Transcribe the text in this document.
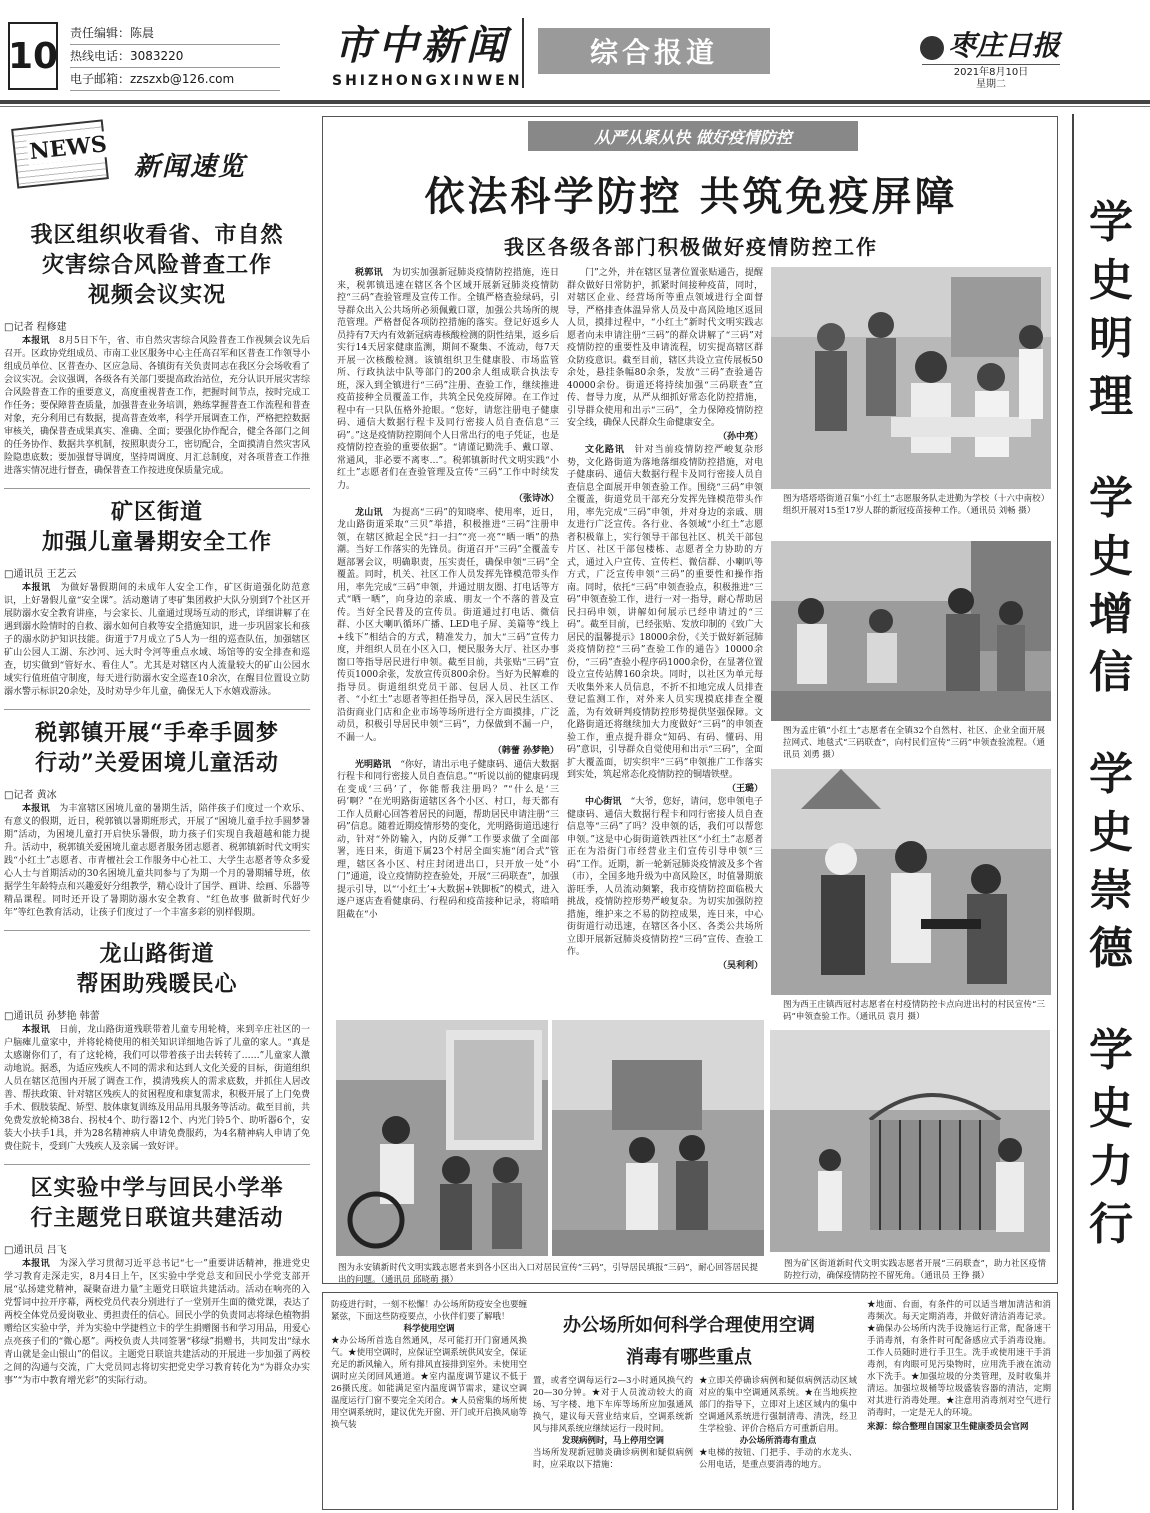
10
责任编辑：陈晨
热线电话：3083220
电子邮箱：zzszxb@126.com
市中新闻
SHIZHONGXINWEN
综合报道	枣庄日报
2021年8月10日
星期二
NEWS
新闻速览
我区组织收看省、市自然
灾害综合风险普查工作
视频会议实况
□记者 程修建
本报讯　 8月5日下午，省、市自然灾害综合风险普查工作视频会议先后召开。区政协党组成员、市南工业区服务中心主任高召军和区普查工作领导小组成员单位、区普查办、区应急局、各镇街有关负责同志在我区分会场收看了会议实况。会议强调，各级各有关部门要提高政治站位，充分认识开展灾害综合风险普查工作的重要意义，高度重视普查工作，把握时间节点，按时完成工作任务；要保障普查质量，加强普查业务培训，熟练掌握普查工作流程和普查对象，充分利用已有数据，提高普查效率，科学开展调查工作，严格把控数据审核关，确保普查成果真实、准确、全面；要强化协作配合，健全各部门之间的任务协作、数据共享机制，按照职责分工，密切配合，全面摸清自然灾害风险隐患底数；要加强督导调度，坚持周调度、月汇总制度，对各项普查工作推进落实情况进行督查，确保普查工作按进度保质量完成。
矿区街道
加强儿童暑期安全工作
□通讯员 王艺云
本报讯　 为做好暑假期间的未成年人安全工作，矿区街道强化防范意识，上好暑假儿童“安全课”。活动邀请了枣矿集团救护大队分别到7个社区开展防溺水安全教育讲座，与会家长、儿童通过现场互动的形式，详细讲解了在遇到溺水险情时的自救、溺水如何自救等安全措施知识，进一步巩固家长和孩子的溺水防护知识技能。街道于7月成立了5人为一组的巡查队伍，加强辖区矿山公园人工湖、东沙河、远大时令河等重点水域、场馆等的安全排查和巡查，切实做到“管好水、看住人”。尤其是对辖区内人流量较大的矿山公园水域实行值班值守制度，每天进行防溺水安全巡查10余次，在醒目位置设立防溺水警示标识20余处，及时劝导少年儿童，确保无人下水嬉戏游泳。
税郭镇开展“手牵手圆梦
行动”关爱困境儿童活动
□记者 黄冰
本报讯　 为丰富辖区困境儿童的暑期生活，陪伴孩子们度过一个欢乐、有意义的假期，近日，税郭镇以暑期班形式，开展了“困境儿童手拉手圆梦暑期”活动，为困境儿童打开启快乐暑假，助力孩子们实现自我超越和能力提升。活动中，税郭镇关爱困境儿童志愿者服务团志愿者、税郭镇新时代文明实践“小红土”志愿者、市青檀社会工作服务中心社工、大学生志愿者等众多爱心人士与首期活动的30名困境儿童共同参与了为期一个月的暑期辅导班，依据学生年龄特点和兴趣爱好分组教学，精心设计了国学、画讲、绘画、乐器等精品课程。同时还开设了暑期防溺水安全教育、“红色故事 做新时代好少年”等红色教育活动，让孩子们度过了一个丰富多彩的别样假期。
龙山路街道
帮困助残暖民心
□通讯员 孙梦艳 韩蕾
本报讯　 日前，龙山路街道残联带着儿童专用轮椅，来到辛庄社区的一户脑瘫儿童家中，并将轮椅使用的相关知识详细地告诉了儿童的家人。“真是太感谢你们了，有了这轮椅，我们可以带着孩子出去转转了……”儿童家人激动地说。据悉，为适应残疾人不同的需求和达到人文化关爱的目标，街道组织人员在辖区范围内开展了调查工作，摸清残疾人的需求底数，并抓住人居改善、帮扶政策、针对辖区残疾人的贫困程度和康复需求，积极开展了上门免费手术、假肢装配、矫型、肢体康复训练及用品用具服务等活动。截至目前，共免费发放轮椅38台、拐杖4个、助行器12个、内光门铃5个、助听器6个，安装大小扶手1具，并为28名精神病人申请免费服药，为4名精神病人申请了免费住院卡，受到广大残疾人及亲属一致好评。
区实验中学与回民小学举
行主题党日联谊共建活动
□通讯员 吕飞
本报讯　 为深入学习贯彻习近平总书记“七一”重要讲话精神，推进党史学习教育走深走实，8月4日上午，区实验中学党总支和回民小学党支部开展“弘扬建党精神，凝聚奋进力量”主题党日联谊共建活动。活动在响亮的入党誓词中拉开序幕，两校党员代表分别进行了一堂别开生面的微党课，表达了两校全体党员爱岗敬业、勇担责任的信心。回民小学的负责同志将绿色植物捐赠给区实验中学，并为实验中学捷档立卡的学生捐赠图书和学习用品，用爱心点亮孩子们的“微心愿”。两校负责人共同签署“移绿”捐赠书，共同发出“绿水青山就是金山银山”的倡议。主题党日联谊共建活动的开展进一步加强了两校之间的沟通与交流，广大党员同志将切实把党史学习教育转化为“为群众办实事”“为市中教育增光彩”的实际行动。
从严从紧从快 做好疫情防控
依法科学防控 共筑免疫屏障
我区各级各部门积极做好疫情防控工作

税郭讯　 为切实加强新冠肺炎疫情防控措施，连日来，税郭镇迅速在辖区各个区域开展新冠肺炎疫情防控“三码”查验管理及宣传工作。全镇严格查验绿码，引导群众出入公共场所必须佩戴口罩，加强公共场所的规范管理。严格督促各项防控措施的落实。登记好返乡人员持有7天内有效新冠病毒核酸检测的阴性结果，返乡后实行14天居家健康监测，期间不聚集、不流动，每7天开展一次核酸检测。该镇组织卫生健康股、市场监管所、行政执法中队等部门的200余人组成联合执法专班，深入到全镇进行“三码”注册、查验工作，继续推进疫苗接种全员覆盖工作，共筑全民免疫屏障。在工作过程中有一只队伍格外抢眼。“您好，请您注册电子健康码、通信大数据行程卡及同行密接人员自查信息“三码”。”这是疫情防控期间个人日常出行的电子凭证，也是疫情防控查验的重要依据”。“请谨记勤洗手、戴口罩、常通风，非必要不离枣…”。税郭镇新时代文明实践“小红土”志愿者们在查验管理及宣传“三码”工作中时续发力。

（张诗冰）

龙山讯　 为提高“三码”的知晓率、使用率，近日，龙山路街道采取“三贝”举措，积极推进“三码”注册申领，在辖区掀起全民“扫一扫”“亮一亮”“晒一晒”的热潮。当好工作落实的先锋员。街道召开“三码”全覆盖专题部署会议，明确职责，压实责任，确保申领“三码”全覆盖。同时，机关、社区工作人员发挥先锋模范带头作用，率先完成“三码”申领，并通过朋友圈、打电话等方式“晒一晒”，向身边的亲戚、朋友一个不落的普及宣传。当好全民普及的宣传员。街道通过打电话、微信群、小区大喇叭循环广播、LED电子屏、美篇等“线上+线下”相结合的方式，精准发力，加大“三码”宣传力度，并组织人员在小区入口，便民服务大厅、社区办事窗口等指导居民进行申领。截至目前，共张贴“三码”宣传页1000余张，发放宣传页800余份。当好为民解难的指导员。街道组织党员干部、包居人员、社区工作者、“小红土”志愿者等担任指导员，深入居民生活区、沿街商业门店和企业市场等场所进行全方面摸排，广泛动员，积极引导居民申领“三码”，力保做到不漏一户，不漏一人。

（韩蕾 孙梦艳）

光明路讯　 “你好，请出示电子健康码、通信大数据行程卡和同行密接人员自查信息。”“听说以前的健康码现在变成‘三码’了，你能帮我注册吗？”“什么是‘三码’啊？”在光明路街道辖区各个小区、村口，每天都有工作人员耐心回答着居民的问题，帮助居民申请注册“三码”信息。随着近期疫情形势的变化，光明路街道迅速行动，针对“外防输入，内防反弹”工作要求做了全面部署，连日来，街道下属23个村居全面实施“闭合式”管理，辖区各小区、村庄封闭进出口，只开放一处“小门”通道，设立疫情防控查验处，开展“三码联查”，加强提示引导，以“‘小红土’+大数据+铁脚板”的模式，进入逐户逐店查看健康码、行程码和疫苗接种记录，将暗哨阻截在“小

门”之外，并在辖区显著位置张贴通告，提醒群众做好日常防护，抓紧时间接种疫苗，同时，对辖区企业、经营场所等重点领域进行全面督导，严格排查体温异常人员及中高风险地区返回人员，摸排过程中，“小红土”新时代文明实践志愿者向未申请注册“三码”的群众讲解了“三码”对疫情防控的重要性及申请流程，切实提高辖区群众防疫意识。截至目前，辖区共设立宣传展板50余处，悬挂条幅80余条，发放“三码”查验通告40000余份。街道还将持续加强“三码联查”宣传、督导力度，从严从细抓好常态化防控措施，引导群众使用和出示“三码”，全力保障疫情防控安全线，确保人民群众生命健康安全。

（孙中亮）

文化路讯　 针对当前疫情防控严峻复杂形势，文化路街道为落地落细疫情防控措施，对电子健康码、通信大数据行程卡及同行密接人员自查信息全面展开申领查验工作。围绕“三码”申领全覆盖，街道党员干部充分发挥先锋模范带头作用，率先完成“三码”申领，并对身边的亲戚、朋友进行广泛宣传。各行业、各领域“小红土”志愿者积极靠上，实行领导干部包社区、机关干部包片区、社区干部包楼栋、志愿者全力协助的方式，通过入户宣传、宣传栏、微信群、小喇叭等方式，广泛宣传申领“三码”的重要性和操作指南。同时，依托“三码”申领查验点，积极推进“三码”申领查验工作，进行一对一指导，耐心帮助居民扫码申领，讲解如何展示已经申请过的“三码”。截至目前，已经张贴、发放印制的《致广大居民的温馨提示》18000余份，《关于做好新冠肺炎疫情防控“三码”查验工作的通告》10000余份，“三码”查验小程序码1000余份，在显著位置设立宣传站牌160余块。同时，以社区为单元每天收集外来人员信息，不折不扣地完成人员排查登记监测工作，对外来人员实现摸底排查全覆盖，为有效研判疫情防控形势提供坚强保障。文化路街道还将继续加大力度做好“三码”的申领查验工作，重点提升群众“知码、有码、懂码、用码”意识，引导群众自觉使用和出示“三码”，全面扩大覆盖面，切实织牢“三码”申领推广工作落实到实处，筑起常态化疫情防控的铜墙铁壁。

（王璐）

中心街讯　 “大爷，您好，请问，您申领电子健康码、通信大数据行程卡和同行密接人员自查信息等“三码”了吗？没申领的话，我们可以帮您申领。”这是中心街街道铁西社区“小红土”志愿者正在为沿街门市经营业主们宣传引导申领“三码”工作。近期，新一轮新冠肺炎疫情波及多个省（市），全国多地升级为中高风险区，时值暑期旅游旺季，人员流动频繁，我市疫情防控面临极大挑战，疫情防控形势严峻复杂。为切实加强防控措施，维护来之不易的防控成果，连日来，中心街街道行动迅速，在辖区各小区、各类公共场所立即开展新冠肺炎疫情防控“三码”宣传、查验工作。

（吴利利）

图为塔塔塔街道召集“小红土”志愿服务队走进勤为学校（十六中南校）组织开展对15至17岁人群的新冠疫苗接种工作。（通讯员 刘畅 摄）
图为孟庄镇“小红土”志愿者在全镇32个自然村、社区、企业全面开展拉网式、地毯式“三码联查”，向村民们宣传“三码”申领查验流程。（通讯员 刘勇 摄）
图为西王庄镇西冠村志愿者在村疫情防控卡点向进出村的村民宣传“三码”申领查验工作。（通讯员 袁月 摄）
办公场所如何科学合理使用空调
消毒有哪些重点
防疫进行时，一刻不松懈！办公场所防疫安全也要缠紧弦，下面这些防疫要点，小伙伴们要了解哦！
科学使用空调
★办公场所首选自然通风，尽可能打开门窗通风换气。★使用空调时，应保证空调系统供风安全，保证充足的新风输入，所有排风直接排到室外。未使用空调时应关闭回风通道。★室内温度调节建议不低于26摄氏度。如能满足室内温度调节需求，建议空调温度运行门窗不要完全关闭合。★人员密集的场所使用空调系统时，建议优先开窗、开门或开启换风扇等换气装
置，或者空调每运行2—3小时通风换气约20—30分钟。★对于人员流动较大的商场、写字楼、地下车库等场所应加强通风换气，建议每天营业结束后，空调系统新风与排风系统应继续运行一段时间。
发现病例时，马上停用空调
当场所发现新冠肺炎确诊病例和疑似病例时，应采取以下措施：
★立即关停确诊病例和疑似病例活动区域对应的集中空调通风系统。★在当地疾控部门的指导下，立即对上述区域内的集中空调通风系统进行强制清毒、清洗，经卫生学检验、评价合格后方可重新启用。
办公场所消毒有重点
★电梯的按钮、门把手、手动的水龙头、公用电话，是重点要消毒的地方。
★地面、台面，有条件的可以适当增加清洁和消毒频次。每天定期消毒，并做好清洁消毒记录。★确保办公场所内洗手设施运行正常，配备速干手消毒剂，有条件时可配备感应式手消毒设施。工作人员随时进行手卫生。洗手或使用速干手消毒剂，有肉眼可见污染物时，应用洗手液在流动水下洗手。★加强垃圾的分类管理，及时收集并清运。加强垃圾桶等垃圾盛装容器的清洁，定期对其进行消毒处理。★注意用消毒剂对空气进行消毒时，一定是无人的环境。
来源：综合整理自国家卫生健康委员会官网
图为永安镇新时代文明实践志愿者来到各小区出入口对居民宣传“三码”，引导居民填报“三码”，耐心回答居民提出的问题。（通讯员 邱晓萌 摄）
图为矿区街道新时代文明实践志愿者开展“三码联查”，助力社区疫情防控行动，确保疫情防控不留死角。（通讯员 王铮 摄）
学
史
明
理
学
史
增
信
学
史
崇
德
学
史
力
行
